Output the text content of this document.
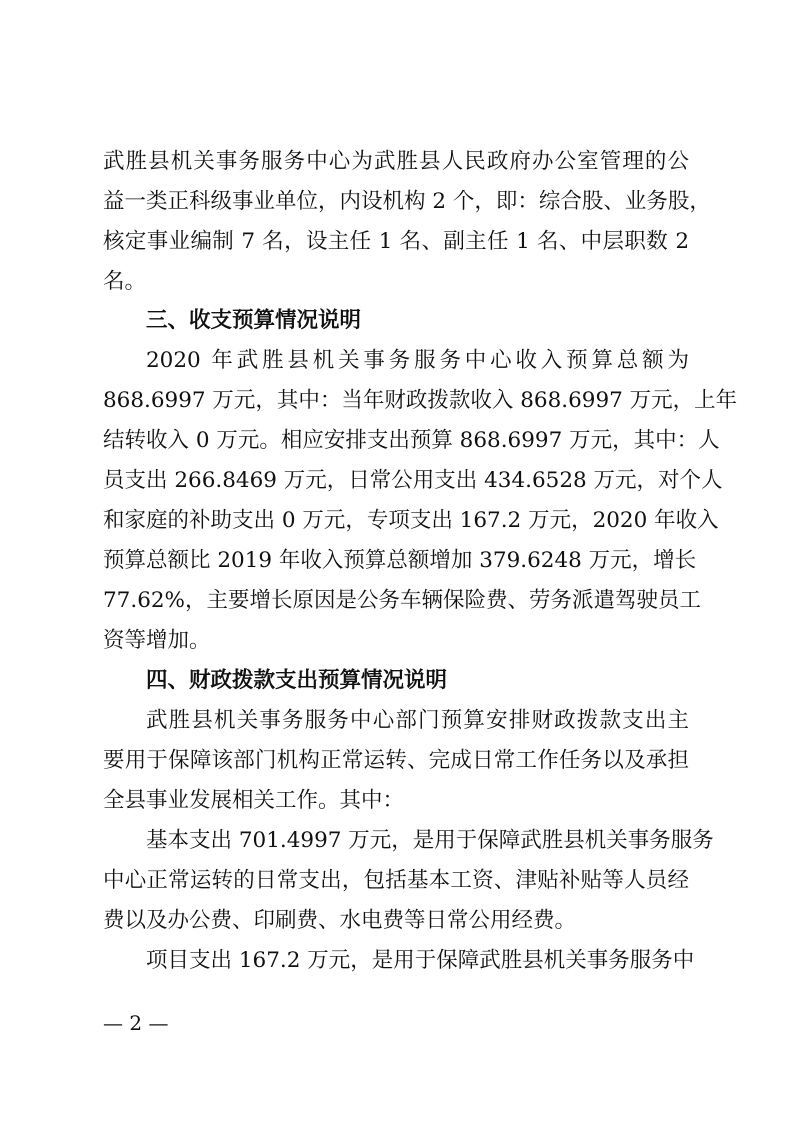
武胜县机关事务服务中心为武胜县人民政府办公室管理的公
益一类正科级事业单位，内设机构 2 个，即：综合股、业务股，
核定事业编制 7 名，设主任 1 名、副主任 1 名、中层职数 2
名。
三、收支预算情况说明
2020 年武胜县机关事务服务中心收入预算总额为
868.6997 万元，其中：当年财政拨款收入 868.6997 万元，上年
结转收入 0 万元。相应安排支出预算 868.6997 万元，其中：人
员支出 266.8469 万元，日常公用支出 434.6528 万元，对个人
和家庭的补助支出 0 万元，专项支出 167.2 万元，2020 年收入
预算总额比 2019 年收入预算总额增加 379.6248 万元，增长
77.62%，主要增长原因是公务车辆保险费、劳务派遣驾驶员工
资等增加。
四、财政拨款支出预算情况说明
武胜县机关事务服务中心部门预算安排财政拨款支出主
要用于保障该部门机构正常运转、完成日常工作任务以及承担
全县事业发展相关工作。其中：
基本支出 701.4997 万元，是用于保障武胜县机关事务服务
中心正常运转的日常支出，包括基本工资、津贴补贴等人员经
费以及办公费、印刷费、水电费等日常公用经费。
项目支出 167.2 万元，是用于保障武胜县机关事务服务中
— 2 —
